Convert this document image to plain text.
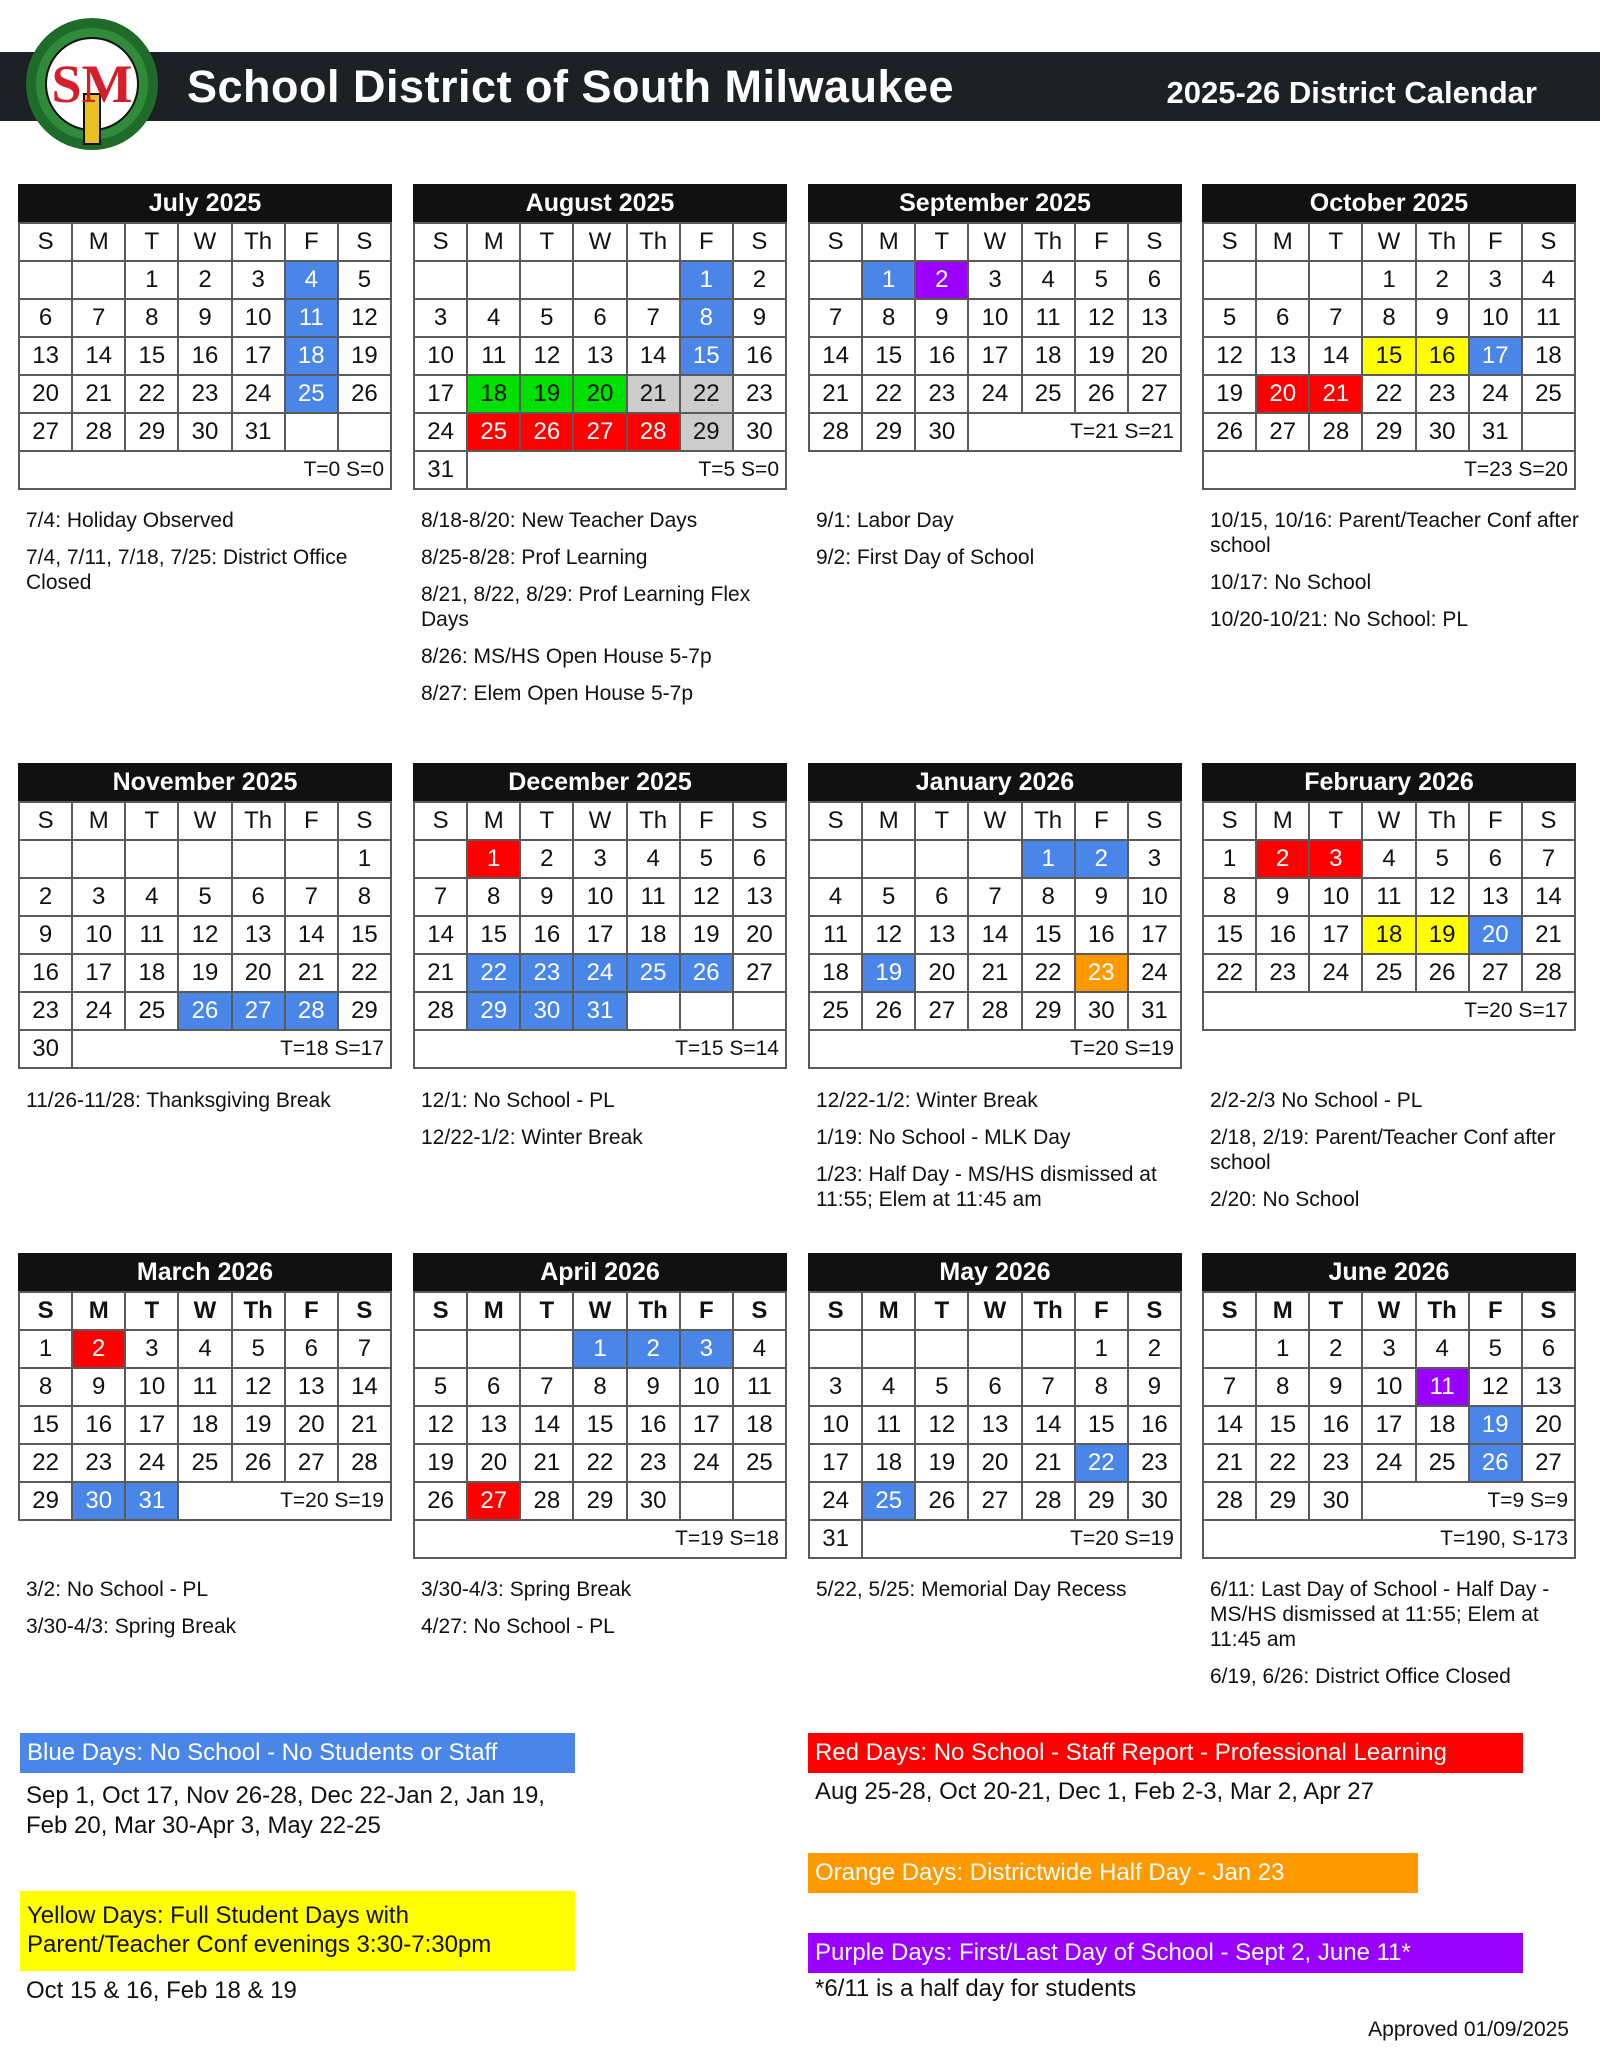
SM School District of South Milwaukee	2025-26 District Calendar
July 2025
S	M	T	W	Th	F	S
		1	2	3	4	5
6	7	8	9	10	11	12
13	14	15	16	17	18	19
20	21	22	23	24	25	26
27	28	29	30	31		
T=0 S=0						
7/4: Holiday Observed
7/4, 7/11, 7/18, 7/25: District Office Closed
August 2025
S	M	T	W	Th	F	S
					1	2
3	4	5	6	7	8	9
10	11	12	13	14	15	16
17	18	19	20	21	22	23
24	25	26	27	28	29	30
31	T=5 S=0					
8/18-8/20: New Teacher Days
8/25-8/28: Prof Learning
8/21, 8/22, 8/29: Prof Learning Flex Days
8/26: MS/HS Open House 5-7p
8/27: Elem Open House 5-7p
September 2025
S	M	T	W	Th	F	S
	1	2	3	4	5	6
7	8	9	10	11	12	13
14	15	16	17	18	19	20
21	22	23	24	25	26	27
28	29	30	T=21 S=21			
9/1: Labor Day
9/2: First Day of School
October 2025
S	M	T	W	Th	F	S
			1	2	3	4
5	6	7	8	9	10	11
12	13	14	15	16	17	18
19	20	21	22	23	24	25
26	27	28	29	30	31	
T=23 S=20						
10/15, 10/16: Parent/Teacher Conf after school
10/17: No School
10/20-10/21: No School: PL
November 2025
S	M	T	W	Th	F	S
						1
2	3	4	5	6	7	8
9	10	11	12	13	14	15
16	17	18	19	20	21	22
23	24	25	26	27	28	29
30	T=18 S=17					
11/26-11/28: Thanksgiving Break
December 2025
S	M	T	W	Th	F	S
	1	2	3	4	5	6
7	8	9	10	11	12	13
14	15	16	17	18	19	20
21	22	23	24	25	26	27
28	29	30	31			
T=15 S=14						
12/1: No School - PL
12/22-1/2: Winter Break
January 2026
S	M	T	W	Th	F	S
				1	2	3
4	5	6	7	8	9	10
11	12	13	14	15	16	17
18	19	20	21	22	23	24
25	26	27	28	29	30	31
T=20 S=19						
12/22-1/2: Winter Break
1/19: No School - MLK Day
1/23: Half Day - MS/HS dismissed at 11:55; Elem at 11:45 am
February 2026
S	M	T	W	Th	F	S
1	2	3	4	5	6	7
8	9	10	11	12	13	14
15	16	17	18	19	20	21
22	23	24	25	26	27	28
T=20 S=17						
2/2-2/3 No School - PL
2/18, 2/19: Parent/Teacher Conf after school
2/20: No School
March 2026
S	M	T	W	Th	F	S
1	2	3	4	5	6	7
8	9	10	11	12	13	14
15	16	17	18	19	20	21
22	23	24	25	26	27	28
29	30	31	T=20 S=19			
3/2: No School - PL
3/30-4/3: Spring Break
April 2026
S	M	T	W	Th	F	S
			1	2	3	4
5	6	7	8	9	10	11
12	13	14	15	16	17	18
19	20	21	22	23	24	25
26	27	28	29	30		
T=19 S=18						
3/30-4/3: Spring Break
4/27: No School - PL
May 2026
S	M	T	W	Th	F	S
					1	2
3	4	5	6	7	8	9
10	11	12	13	14	15	16
17	18	19	20	21	22	23
24	25	26	27	28	29	30
31	T=20 S=19					
5/22, 5/25: Memorial Day Recess
June 2026
S	M	T	W	Th	F	S
	1	2	3	4	5	6
7	8	9	10	11	12	13
14	15	16	17	18	19	20
21	22	23	24	25	26	27
28	29	30	T=9 S=9			
T=190, S-173						
6/11: Last Day of School - Half Day - MS/HS dismissed at 11:55; Elem at 11:45 am
6/19, 6/26: District Office Closed
Blue Days: No School - No Students or Staff
Sep 1, Oct 17, Nov 26-28, Dec 22-Jan 2, Jan 19, Feb 20, Mar 30-Apr 3, May 22-25
Yellow Days: Full Student Days with Parent/Teacher Conf evenings 3:30-7:30pm
Oct 15 & 16, Feb 18 & 19
Red Days: No School - Staff Report - Professional Learning
Aug 25-28, Oct 20-21, Dec 1, Feb 2-3, Mar 2, Apr 27
Orange Days: Districtwide Half Day - Jan 23
Purple Days: First/Last Day of School - Sept 2, June 11*
*6/11 is a half day for students
Approved 01/09/2025
